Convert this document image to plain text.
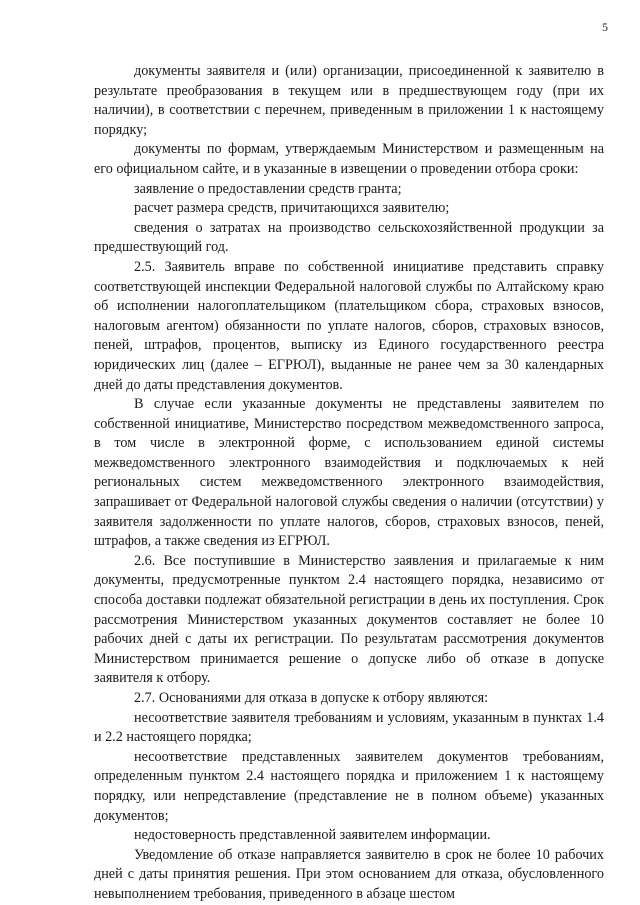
5

документы заявителя и (или) организации, присоединенной к заявителю в результате преобразования в текущем или в предшествующем году (при их наличии), в соответствии с перечнем, приведенным в приложении 1 к настоящему порядку;

документы по формам, утверждаемым Министерством и размещенным на его официальном сайте, и в указанные в извещении о проведении отбора сроки:

заявление о предоставлении средств гранта;

расчет размера средств, причитающихся заявителю;

сведения о затратах на производство сельскохозяйственной продукции за предшествующий год.

2.5. Заявитель вправе по собственной инициативе представить справку соответствующей инспекции Федеральной налоговой службы по Алтайскому краю об исполнении налогоплательщиком (плательщиком сбора, страховых взносов, налоговым агентом) обязанности по уплате налогов, сборов, страховых взносов, пеней, штрафов, процентов, выписку из Единого государственного реестра юридических лиц (далее – ЕГРЮЛ), выданные не ранее чем за 30 календарных дней до даты представления документов.

В случае если указанные документы не представлены заявителем по собственной инициативе, Министерство посредством межведомственного запроса, в том числе в электронной форме, с использованием единой системы межведомственного электронного взаимодействия и подключаемых к ней региональных систем межведомственного электронного взаимодействия, запрашивает от Федеральной налоговой службы сведения о наличии (отсутствии) у заявителя задолженности по уплате налогов, сборов, страховых взносов, пеней, штрафов, а также сведения из ЕГРЮЛ.

2.6. Все поступившие в Министерство заявления и прилагаемые к ним документы, предусмотренные пунктом 2.4 настоящего порядка, независимо от способа доставки подлежат обязательной регистрации в день их поступления. Срок рассмотрения Министерством указанных документов составляет не более 10 рабочих дней с даты их регистрации. По результатам рассмотрения документов Министерством принимается решение о допуске либо об отказе в допуске заявителя к отбору.

2.7. Основаниями для отказа в допуске к отбору являются:

несоответствие заявителя требованиям и условиям, указанным в пунктах 1.4 и 2.2 настоящего порядка;

несоответствие представленных заявителем документов требованиям, определенным пунктом 2.4 настоящего порядка и приложением 1 к настоящему порядку, или непредставление (представление не в полном объеме) указанных документов;

недостоверность представленной заявителем информации.

Уведомление об отказе направляется заявителю в срок не более 10 рабочих дней с даты принятия решения. При этом основанием для отказа, обусловленного невыполнением требования, приведенного в абзаце шестом
